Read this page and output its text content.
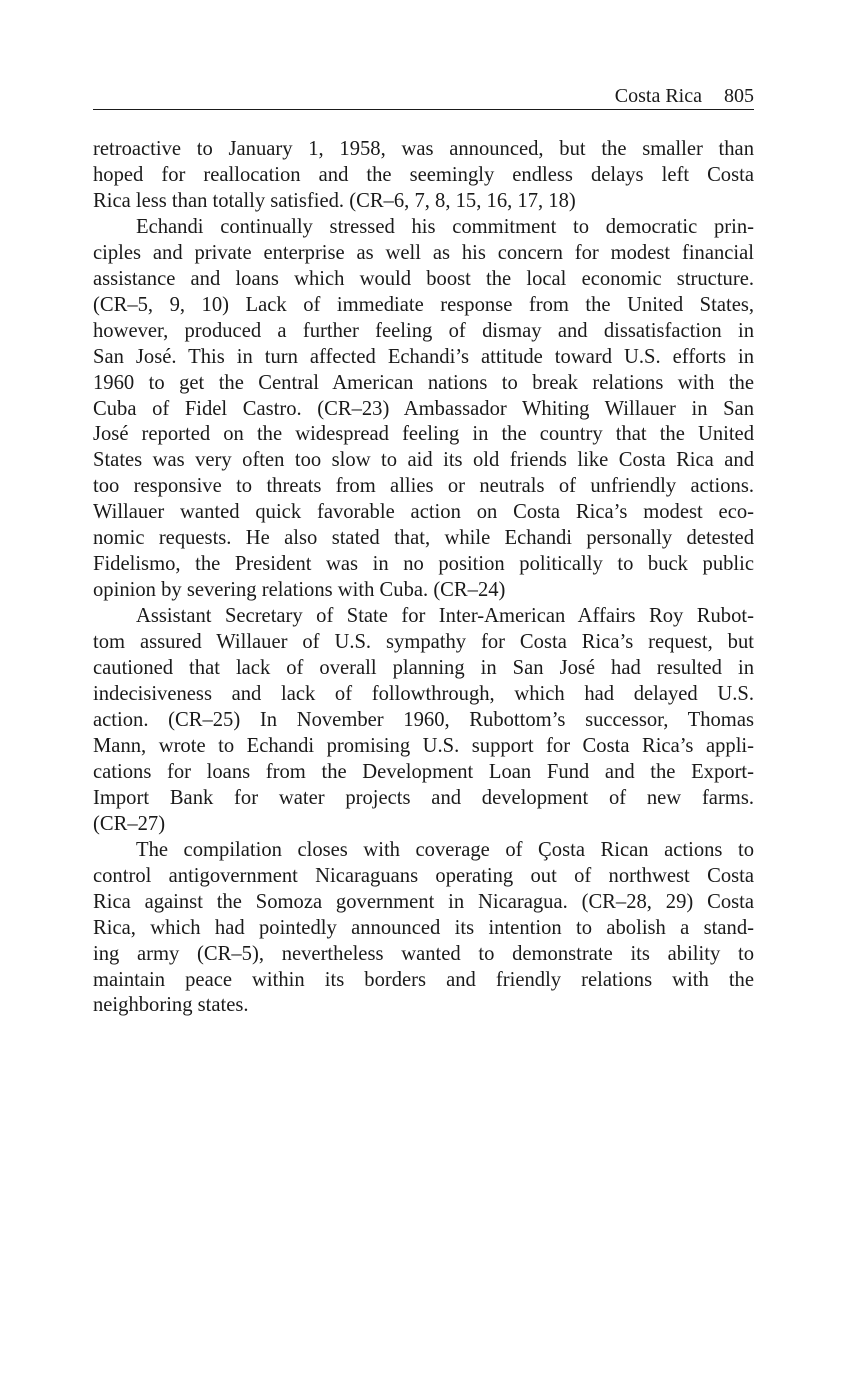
Costa Rica 805
retroactive to January 1, 1958, was announced, but the smaller than
hoped for reallocation and the seemingly endless delays left Costa
Rica less than totally satisfied. (CR–6, 7, 8, 15, 16, 17, 18)
Echandi continually stressed his commitment to democratic prin-
ciples and private enterprise as well as his concern for modest financial
assistance and loans which would boost the local economic structure.
(CR–5, 9, 10) Lack of immediate response from the United States,
however, produced a further feeling of dismay and dissatisfaction in
San José. This in turn affected Echandi’s attitude toward U.S. efforts in
1960 to get the Central American nations to break relations with the
Cuba of Fidel Castro. (CR–23) Ambassador Whiting Willauer in San
José reported on the widespread feeling in the country that the United
States was very often too slow to aid its old friends like Costa Rica and
too responsive to threats from allies or neutrals of unfriendly actions.
Willauer wanted quick favorable action on Costa Rica’s modest eco-
nomic requests. He also stated that, while Echandi personally detested
Fidelismo, the President was in no position politically to buck public
opinion by severing relations with Cuba. (CR–24)
Assistant Secretary of State for Inter-American Affairs Roy Rubot-
tom assured Willauer of U.S. sympathy for Costa Rica’s request, but
cautioned that lack of overall planning in San José had resulted in
indecisiveness and lack of followthrough, which had delayed U.S.
action. (CR–25) In November 1960, Rubottom’s successor, Thomas
Mann, wrote to Echandi promising U.S. support for Costa Rica’s appli-
cations for loans from the Development Loan Fund and the Export-
Import Bank for water projects and development of new farms.
(CR–27)
The compilation closes with coverage of Çosta Rican actions to
control antigovernment Nicaraguans operating out of northwest Costa
Rica against the Somoza government in Nicaragua. (CR–28, 29) Costa
Rica, which had pointedly announced its intention to abolish a stand-
ing army (CR–5), nevertheless wanted to demonstrate its ability to
maintain peace within its borders and friendly relations with the
neighboring states.
